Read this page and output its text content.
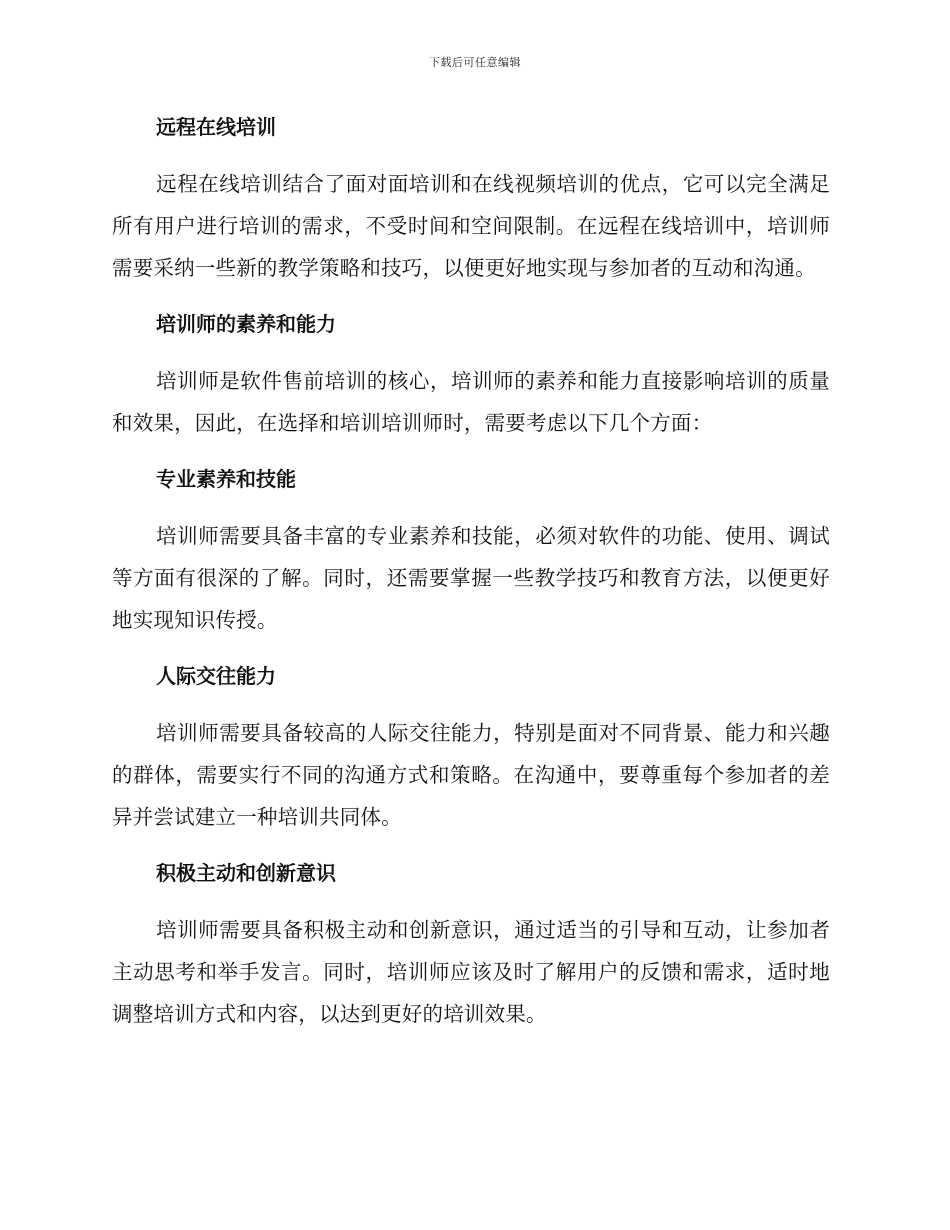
下载后可任意编辑
远程在线培训

远程在线培训结合了面对面培训和在线视频培训的优点，它可以完全满足所有用户进行培训的需求，不受时间和空间限制。在远程在线培训中，培训师需要采纳一些新的教学策略和技巧，以便更好地实现与参加者的互动和沟通。

培训师的素养和能力

培训师是软件售前培训的核心，培训师的素养和能力直接影响培训的质量和效果，因此，在选择和培训培训师时，需要考虑以下几个方面：

专业素养和技能

培训师需要具备丰富的专业素养和技能，必须对软件的功能、使用、调试等方面有很深的了解。同时，还需要掌握一些教学技巧和教育方法，以便更好地实现知识传授。

人际交往能力

培训师需要具备较高的人际交往能力，特别是面对不同背景、能力和兴趣的群体，需要实行不同的沟通方式和策略。在沟通中，要尊重每个参加者的差异并尝试建立一种培训共同体。

积极主动和创新意识

培训师需要具备积极主动和创新意识，通过适当的引导和互动，让参加者主动思考和举手发言。同时，培训师应该及时了解用户的反馈和需求，适时地调整培训方式和内容，以达到更好的培训效果。
